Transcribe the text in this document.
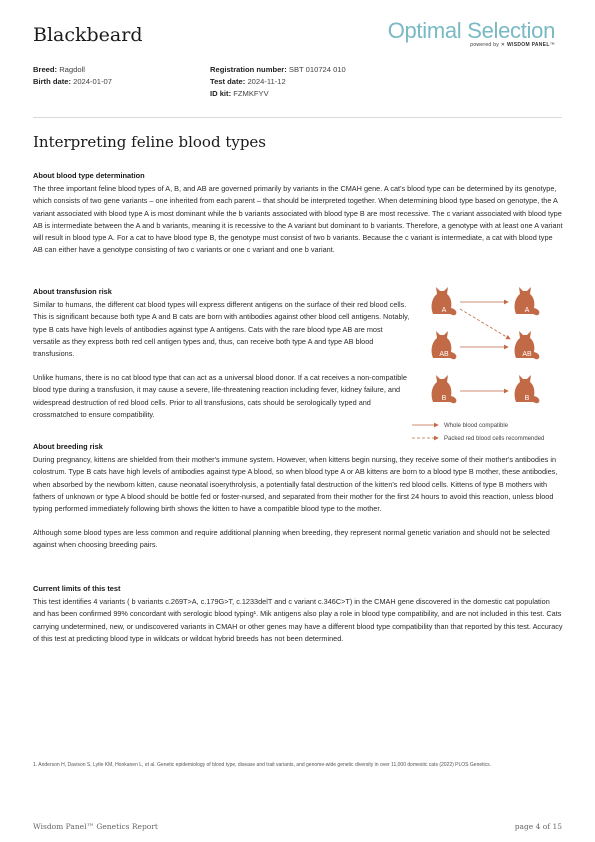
Blackbeard	Optimal Selection
powered by ✕ WISDOM PANEL™
Breed: Ragdoll
Birth date: 2024-01-07
Registration number: SBT 010724 010
Test date: 2024-11-12
ID kit: FZMKFYV
Interpreting feline blood types
About blood type determination

The three important feline blood types of A, B, and AB are governed primarily by variants in the CMAH gene. A cat's blood type can be determined by its genotype, which consists of two gene variants – one inherited from each parent – that should be interpreted together. When determining blood type based on genotype, the A variant associated with blood type A is most dominant while the b variants associated with blood type B are most recessive. The c variant associated with blood type AB is intermediate between the A and b variants, meaning it is recessive to the A variant but dominant to b variants. Therefore, a genotype with at least one A variant will result in blood type A. For a cat to have blood type B, the genotype must consist of two b variants. Because the c variant is intermediate, a cat with blood type AB can either have a genotype consisting of two c variants or one c variant and one b variant.

About transfusion risk

Similar to humans, the different cat blood types will express different antigens on the surface of their red blood cells. This is significant because both type A and B cats are born with antibodies against other blood cell antigens. Notably, type B cats have high levels of antibodies against type A antigens. Cats with the rare blood type AB are most versatile as they express both red cell antigen types and, thus, can receive both type A and type AB blood transfusions.

Unlike humans, there is no cat blood type that can act as a universal blood donor. If a cat receives a non-compatible blood type during a transfusion, it may cause a severe, life-threatening reaction including fever, kidney failure, and widespread destruction of red blood cells. Prior to all transfusions, cats should be serologically typed and crossmatched to ensure compatibility.

A	A
AB	AB
B	B
Whole blood compatible
Packed red blood cells recommended
About breeding risk

During pregnancy, kittens are shielded from their mother's immune system. However, when kittens begin nursing, they receive some of their mother's antibodies in colostrum. Type B cats have high levels of antibodies against type A blood, so when blood type A or AB kittens are born to a blood type B mother, these antibodies, when absorbed by the newborn kitten, cause neonatal isoerythrolysis, a potentially fatal destruction of the kitten's red blood cells. Kittens of type B mothers with fathers of unknown or type A blood should be bottle fed or foster-nursed, and separated from their mother for the first 24 hours to avoid this reaction, unless blood typing performed immediately following birth shows the kitten to have a compatible blood type to the mother.

Although some blood types are less common and require additional planning when breeding, they represent normal genetic variation and should not be selected against when choosing breeding pairs.

Current limits of this test

This test identifies 4 variants ( b variants c.269T>A, c.179G>T, c.1233delT and c variant c.346C>T) in the CMAH gene discovered in the domestic cat population and has been confirmed 99% concordant with serologic blood typing¹. Mik antigens also play a role in blood type compatibility, and are not included in this test. Cats carrying undetermined, new, or undiscovered variants in CMAH or other genes may have a different blood type compatibility than that reported by this test. Accuracy of this test at predicting blood type in wildcats or wildcat hybrid breeds has not been determined.

1. Anderson H, Davison S, Lytle KM, Honkanen L, et al. Genetic epidemiology of blood type, disease and trait variants, and genome-wide genetic diversity in over 11,000 domestic cats (2022) PLOS Genetics.
Wisdom Panel™ Genetics Report	page 4 of 15
